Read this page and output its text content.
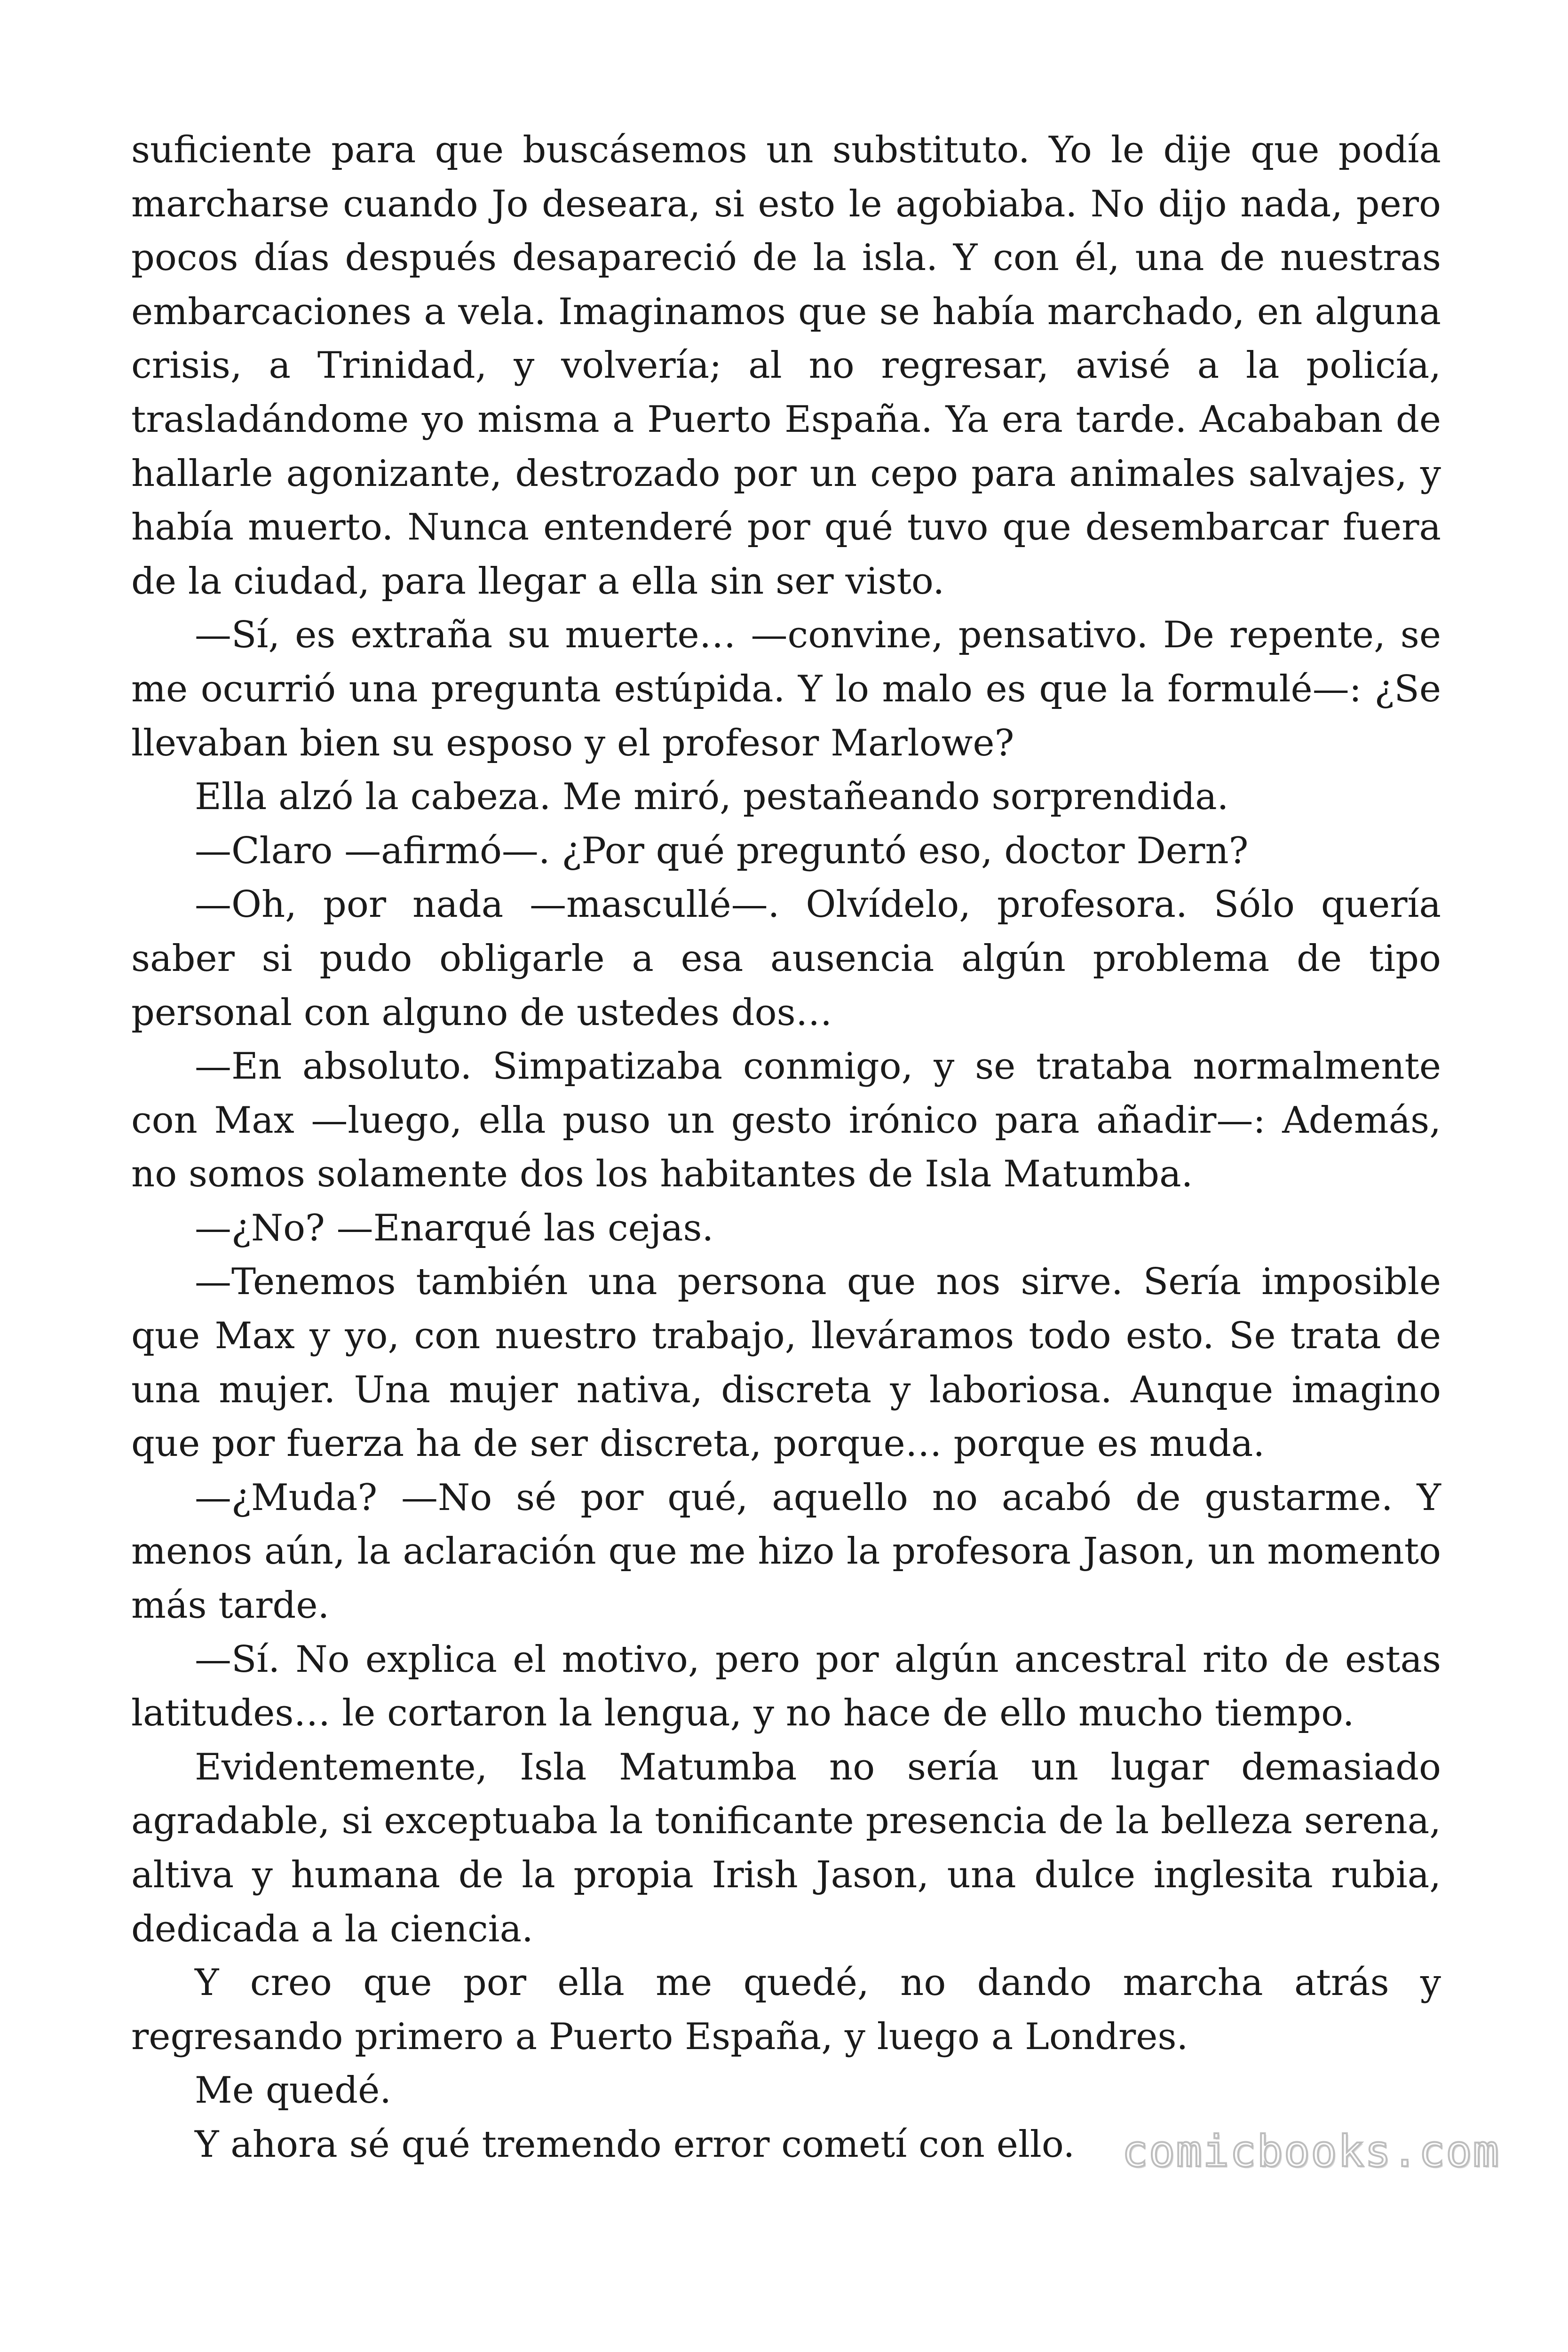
suficiente para que buscásemos un substituto. Yo le dije que podía marcharse cuando Jo deseara, si esto le agobiaba. No dijo nada, pero pocos días después desapareció de la isla. Y con él, una de nuestras embarcaciones a vela. Imaginamos que se había marchado, en alguna crisis, a Trinidad, y volvería; al no regresar, avisé a la policía, trasladándome yo misma a Puerto España. Ya era tarde. Acababan de hallarle agonizante, destrozado por un cepo para animales salvajes, y había muerto. Nunca entenderé por qué tuvo que desembarcar fuera de la ciudad, para llegar a ella sin ser visto.

—Sí, es extraña su muerte… —convine, pensativo. De repente, se me ocurrió una pregunta estúpida. Y lo malo es que la formulé—: ¿Se llevaban bien su esposo y el profesor Marlowe?

Ella alzó la cabeza. Me miró, pestañeando sorprendida.

—Claro —afirmó—. ¿Por qué preguntó eso, doctor Dern?

—Oh, por nada —mascullé—. Olvídelo, profesora. Sólo quería saber si pudo obligarle a esa ausencia algún problema de tipo personal con alguno de ustedes dos…

—En absoluto. Simpatizaba conmigo, y se trataba normalmente con Max —luego, ella puso un gesto irónico para añadir—: Además, no somos solamente dos los habitantes de Isla Matumba.

—¿No? —Enarqué las cejas.

—Tenemos también una persona que nos sirve. Sería imposible que Max y yo, con nuestro trabajo, lleváramos todo esto. Se trata de una mujer. Una mujer nativa, discreta y laboriosa. Aunque imagino que por fuerza ha de ser discreta, porque… porque es muda.

—¿Muda? —No sé por qué, aquello no acabó de gustarme. Y menos aún, la aclaración que me hizo la profesora Jason, un momento más tarde.

—Sí. No explica el motivo, pero por algún ancestral rito de estas latitudes… le cortaron la lengua, y no hace de ello mucho tiempo.

Evidentemente, Isla Matumba no sería un lugar demasiado agradable, si exceptuaba la tonificante presencia de la belleza serena, altiva y humana de la propia Irish Jason, una dulce inglesita rubia, dedicada a la ciencia.

Y creo que por ella me quedé, no dando marcha atrás y regresando primero a Puerto España, y luego a Londres.

Me quedé.

Y ahora sé qué tremendo error cometí con ello.	comicbooks.com
